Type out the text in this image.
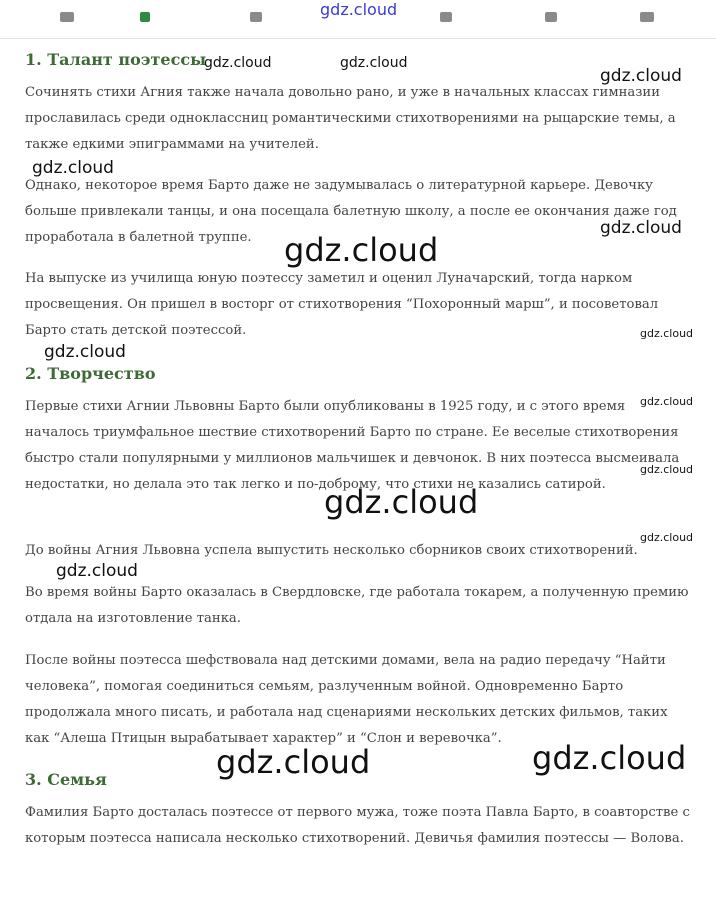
1. Талант поэтессы

Сочинять стихи Агния также начала довольно рано, и уже в начальных классах гимназии прославилась среди одноклассниц романтическими стихотворениями на рыцарские темы, а также едкими эпиграммами на учителей.

Однако, некоторое время Барто даже не задумывалась о литературной карьере. Девочку больше привлекали танцы, и она посещала балетную школу, а после ее окончания даже год проработала в балетной труппе.

На выпуске из училища юную поэтессу заметил и оценил Луначарский, тогда нарком просвещения. Он пришел в восторг от стихотворения “Похоронный марш”, и посоветовал Барто стать детской поэтессой.

2. Творчество

Первые стихи Агнии Львовны Барто были опубликованы в 1925 году, и с этого время началось триумфальное шествие стихотворений Барто по стране. Ее веселые стихотворения быстро стали популярными у миллионов мальчишек и девчонок. В них поэтесса высмеивала недостатки, но делала это так легко и по-доброму, что стихи не казались сатирой.

До войны Агния Львовна успела выпустить несколько сборников своих стихотворений.

Во время войны Барто оказалась в Свердловске, где работала токарем, а полученную премию отдала на изготовление танка.

После войны поэтесса шефствовала над детскими домами, вела на радио передачу “Найти человека”, помогая соединиться семьям, разлученным войной. Одновременно Барто продолжала много писать, и работала над сценариями нескольких детских фильмов, таких как “Алеша Птицын вырабатывает характер” и “Слон и веревочка”.

3. Семья

Фамилия Барто досталась поэтессе от первого мужа, тоже поэта Павла Барто, в соавторстве с которым поэтесса написала несколько стихотворений. Девичья фамилия поэтессы — Волова.

gdz.cloud
gdz.cloud	gdz.cloud
gdz.cloud
gdz.cloud
gdz.cloud
gdz.cloud
gdz.cloud
gdz.cloud
gdz.cloud
gdz.cloud
gdz.cloud
gdz.cloud
gdz.cloud
gdz.cloud
gdz.cloud
